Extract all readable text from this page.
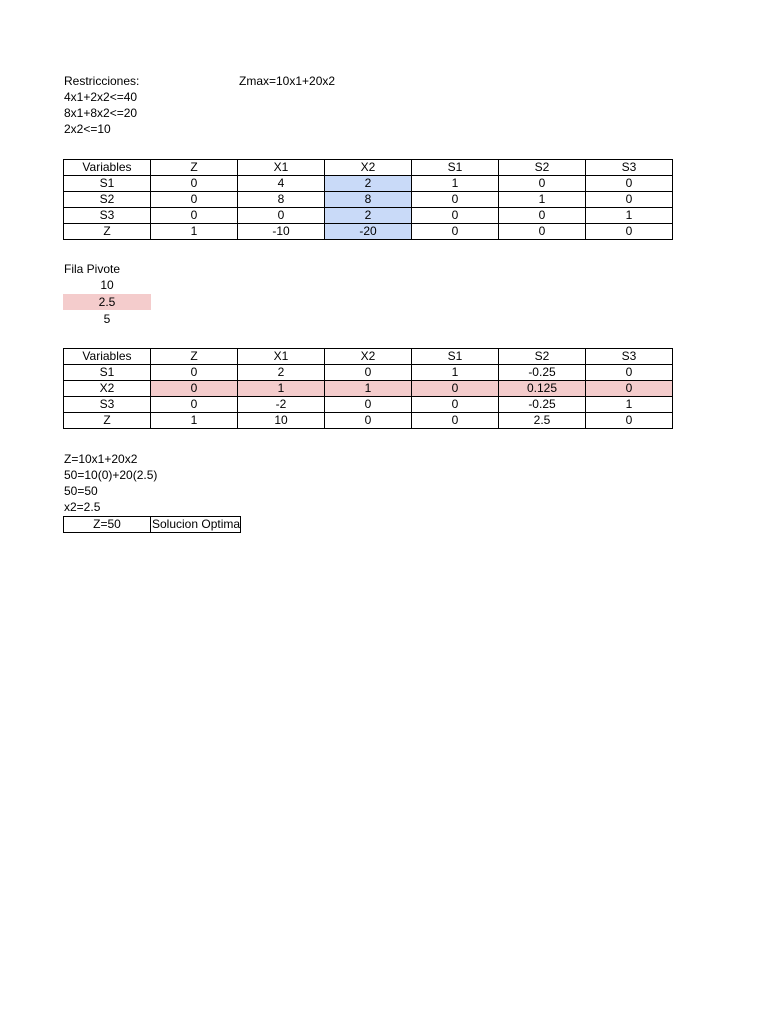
Restricciones:	Zmax=10x1+20x2
4x1+2x2<=40
8x1+8x2<=20
2x2<=10
Variables	Z	X1	X2	S1	S2	S3
S1	0	4	2	1	0	0
S2	0	8	8	0	1	0
S3	0	0	2	0	0	1
Z	1	-10	-20	0	0	0
Fila Pivote
10
2.5
5
Variables	Z	X1	X2	S1	S2	S3
S1	0	2	0	1	-0.25	0
X2	0	1	1	0	0.125	0
S3	0	-2	0	0	-0.25	1
Z	1	10	0	0	2.5	0
Z=10x1+20x2
50=10(0)+20(2.5)
50=50
x2=2.5
Z=50	Solucion Optima
